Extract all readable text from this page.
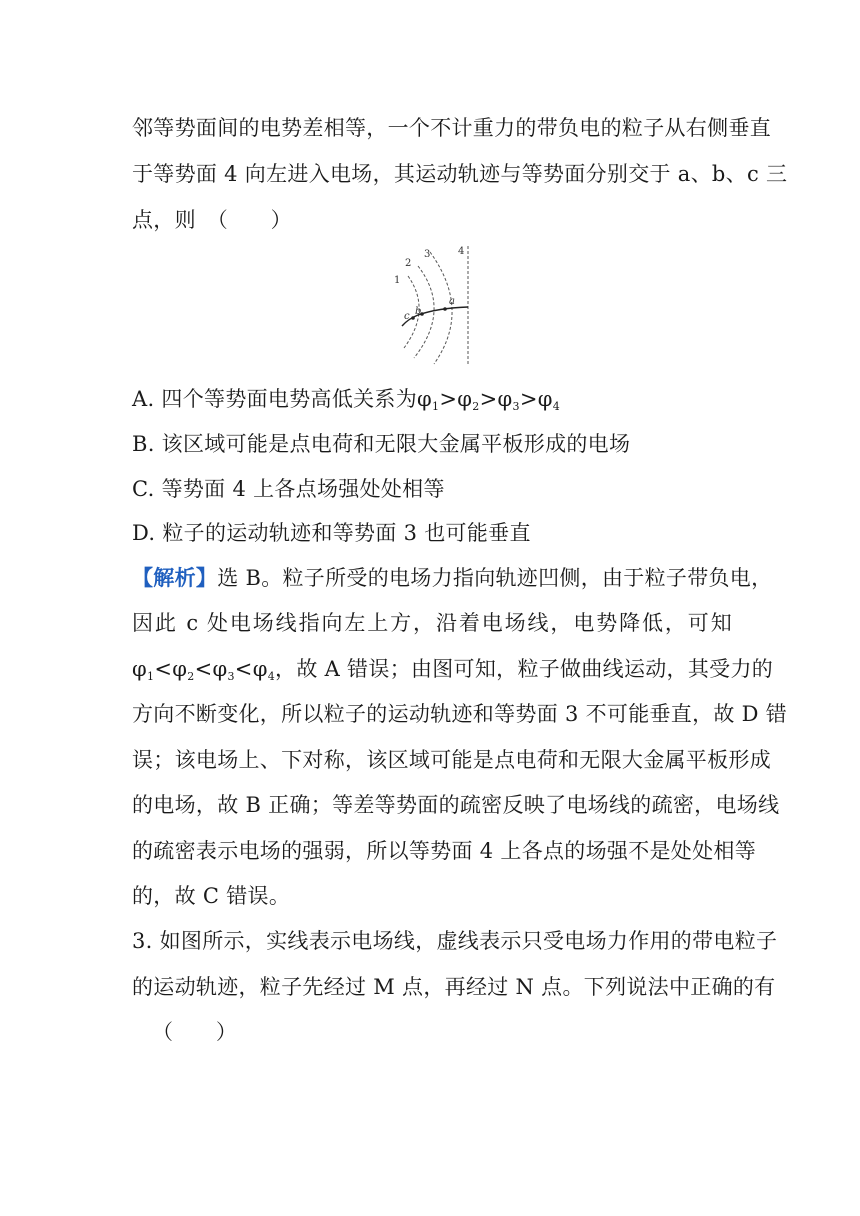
邻等势面间的电势差相等，一个不计重力的带负电的粒子从右侧垂直
于等势面 4 向左进入电场，其运动轨迹与等势面分别交于 a、b、c 三
点，则　（　　）
1
2
3	4
c b
a
A. 四个等势面电势高低关系为$\varphi_1>\varphi_2>\varphi_3>\varphi_4$
B. 该区域可能是点电荷和无限大金属平板形成的电场
C. 等势面 4 上各点场强处处相等
D. 粒子的运动轨迹和等势面 3 也可能垂直
【解析】选 B。粒子所受的电场力指向轨迹凹侧，由于粒子带负电，
因此 c 处电场线指向左上方，沿着电场线，电势降低，可知
$\varphi_1<\varphi_2<\varphi_3<\varphi_4$，故 A 错误；由图可知，粒子做曲线运动，其受力的
方向不断变化，所以粒子的运动轨迹和等势面 3 不可能垂直，故 D 错
误；该电场上、下对称，该区域可能是点电荷和无限大金属平板形成
的电场，故 B 正确；等差等势面的疏密反映了电场线的疏密，电场线
的疏密表示电场的强弱，所以等势面 4 上各点的场强不是处处相等
的，故 C 错误。
3. 如图所示，实线表示电场线，虚线表示只受电场力作用的带电粒子
的运动轨迹，粒子先经过 M 点，再经过 N 点。下列说法中正确的有
（　　）
